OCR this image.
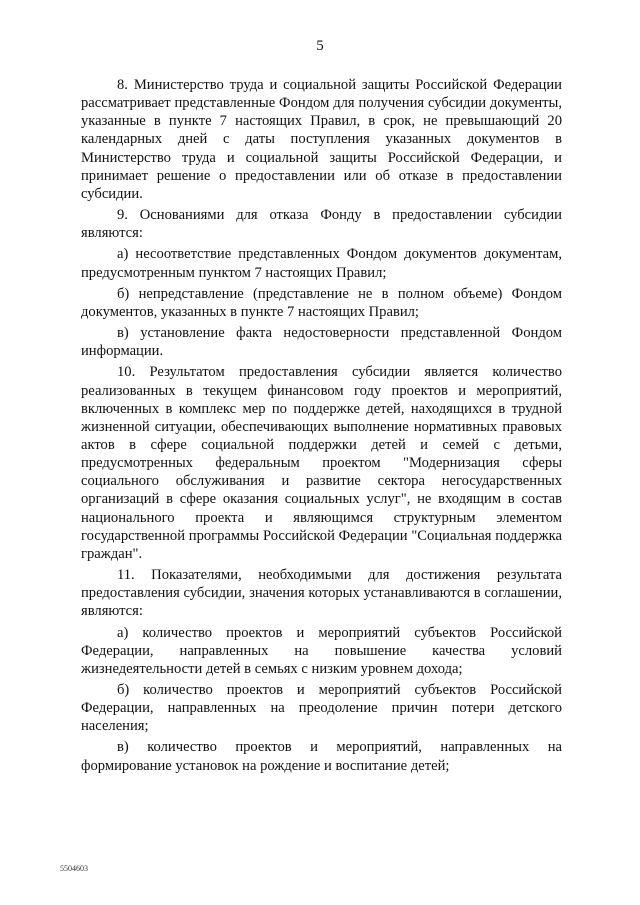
5

8. Министерство труда и социальной защиты Российской Федерации рассматривает представленные Фондом для получения субсидии документы, указанные в пункте 7 настоящих Правил, в срок, не превышающий 20 календарных дней с даты поступления указанных документов в Министерство труда и социальной защиты Российской Федерации, и принимает решение о предоставлении или об отказе в предоставлении субсидии.

9. Основаниями для отказа Фонду в предоставлении субсидии являются:

а) несоответствие представленных Фондом документов документам, предусмотренным пунктом 7 настоящих Правил;

б) непредставление (представление не в полном объеме) Фондом документов, указанных в пункте 7 настоящих Правил;

в) установление факта недостоверности представленной Фондом информации.

10. Результатом предоставления субсидии является количество реализованных в текущем финансовом году проектов и мероприятий, включенных в комплекс мер по поддержке детей, находящихся в трудной жизненной ситуации, обеспечивающих выполнение нормативных правовых актов в сфере социальной поддержки детей и семей с детьми, предусмотренных федеральным проектом "Модернизация сферы социального обслуживания и развитие сектора негосударственных организаций в сфере оказания социальных услуг", не входящим в состав национального проекта и являющимся структурным элементом государственной программы Российской Федерации "Социальная поддержка граждан".

11. Показателями, необходимыми для достижения результата предоставления субсидии, значения которых устанавливаются в соглашении, являются:

а) количество проектов и мероприятий субъектов Российской Федерации, направленных на повышение качества условий жизнедеятельности детей в семьях с низким уровнем дохода;

б) количество проектов и мероприятий субъектов Российской Федерации, направленных на преодоление причин потери детского населения;

в) количество проектов и мероприятий, направленных на формирование установок на рождение и воспитание детей;

5504603
